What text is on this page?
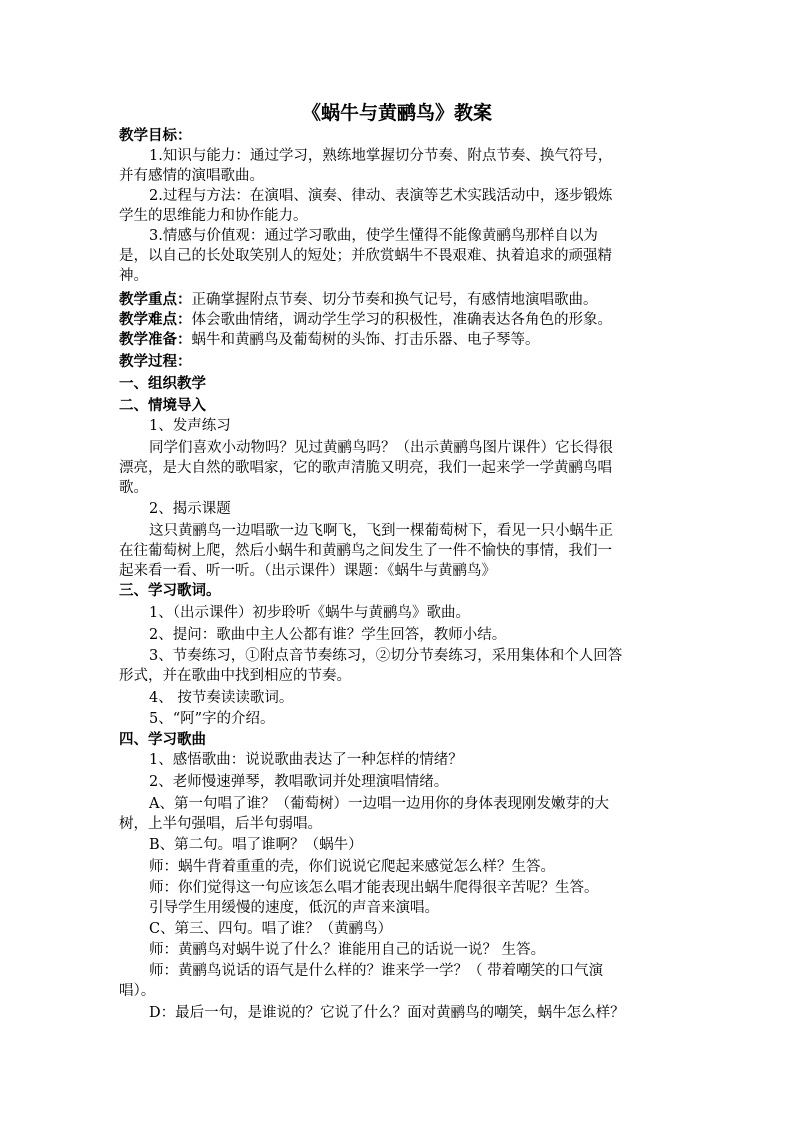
《蜗牛与黄鹂鸟》教案
教学目标：
1.知识与能力：通过学习，熟练地掌握切分节奏、附点节奏、换气符号，
并有感情的演唱歌曲。
2.过程与方法：在演唱、演奏、律动、表演等艺术实践活动中，逐步锻炼
学生的思维能力和协作能力。
3.情感与价值观：通过学习歌曲，使学生懂得不能像黄鹂鸟那样自以为
是，以自己的长处取笑别人的短处；并欣赏蜗牛不畏艰难、执着追求的顽强精
神。
教学重点：正确掌握附点节奏、切分节奏和换气记号，有感情地演唱歌曲。
教学难点：体会歌曲情绪，调动学生学习的积极性，准确表达各角色的形象。
教学准备：蜗牛和黄鹂鸟及葡萄树的头饰、打击乐器、电子琴等。
教学过程：
一、组织教学
二、情境导入
1、发声练习
同学们喜欢小动物吗？见过黄鹂鸟吗？（出示黄鹂鸟图片课件）它长得很
漂亮，是大自然的歌唱家，它的歌声清脆又明亮，我们一起来学一学黄鹂鸟唱
歌。
2、揭示课题
这只黄鹂鸟一边唱歌一边飞啊飞，飞到一棵葡萄树下，看见一只小蜗牛正
在往葡萄树上爬，然后小蜗牛和黄鹂鸟之间发生了一件不愉快的事情，我们一
起来看一看、听一听。（出示课件）课题：《蜗牛与黄鹂鸟》
三、学习歌词。
1、（出示课件）初步聆听《蜗牛与黄鹂鸟》歌曲。
2、提问：歌曲中主人公都有谁？学生回答，教师小结。
3、节奏练习，①附点音节奏练习，②切分节奏练习，采用集体和个人回答
形式，并在歌曲中找到相应的节奏。
4、 按节奏读读歌词。
5、“阿”字的介绍。
四、学习歌曲
1、感悟歌曲：说说歌曲表达了一种怎样的情绪？
2、老师慢速弹琴，教唱歌词并处理演唱情绪。
A、第一句唱了谁？（葡萄树）一边唱一边用你的身体表现刚发嫩芽的大
树，上半句强唱，后半句弱唱。
B、第二句。唱了谁啊？（蜗牛）
师：蜗牛背着重重的壳，你们说说它爬起来感觉怎么样？生答。
师：你们觉得这一句应该怎么唱才能表现出蜗牛爬得很辛苦呢？生答。
引导学生用缓慢的速度，低沉的声音来演唱。
C、第三、四句。唱了谁？（黄鹂鸟）
师：黄鹂鸟对蜗牛说了什么？谁能用自己的话说一说？ 生答。
师：黄鹂鸟说话的语气是什么样的？谁来学一学？（ 带着嘲笑的口气演
唱）。
D：最后一句，是谁说的？它说了什么？面对黄鹂鸟的嘲笑，蜗牛怎么样？
